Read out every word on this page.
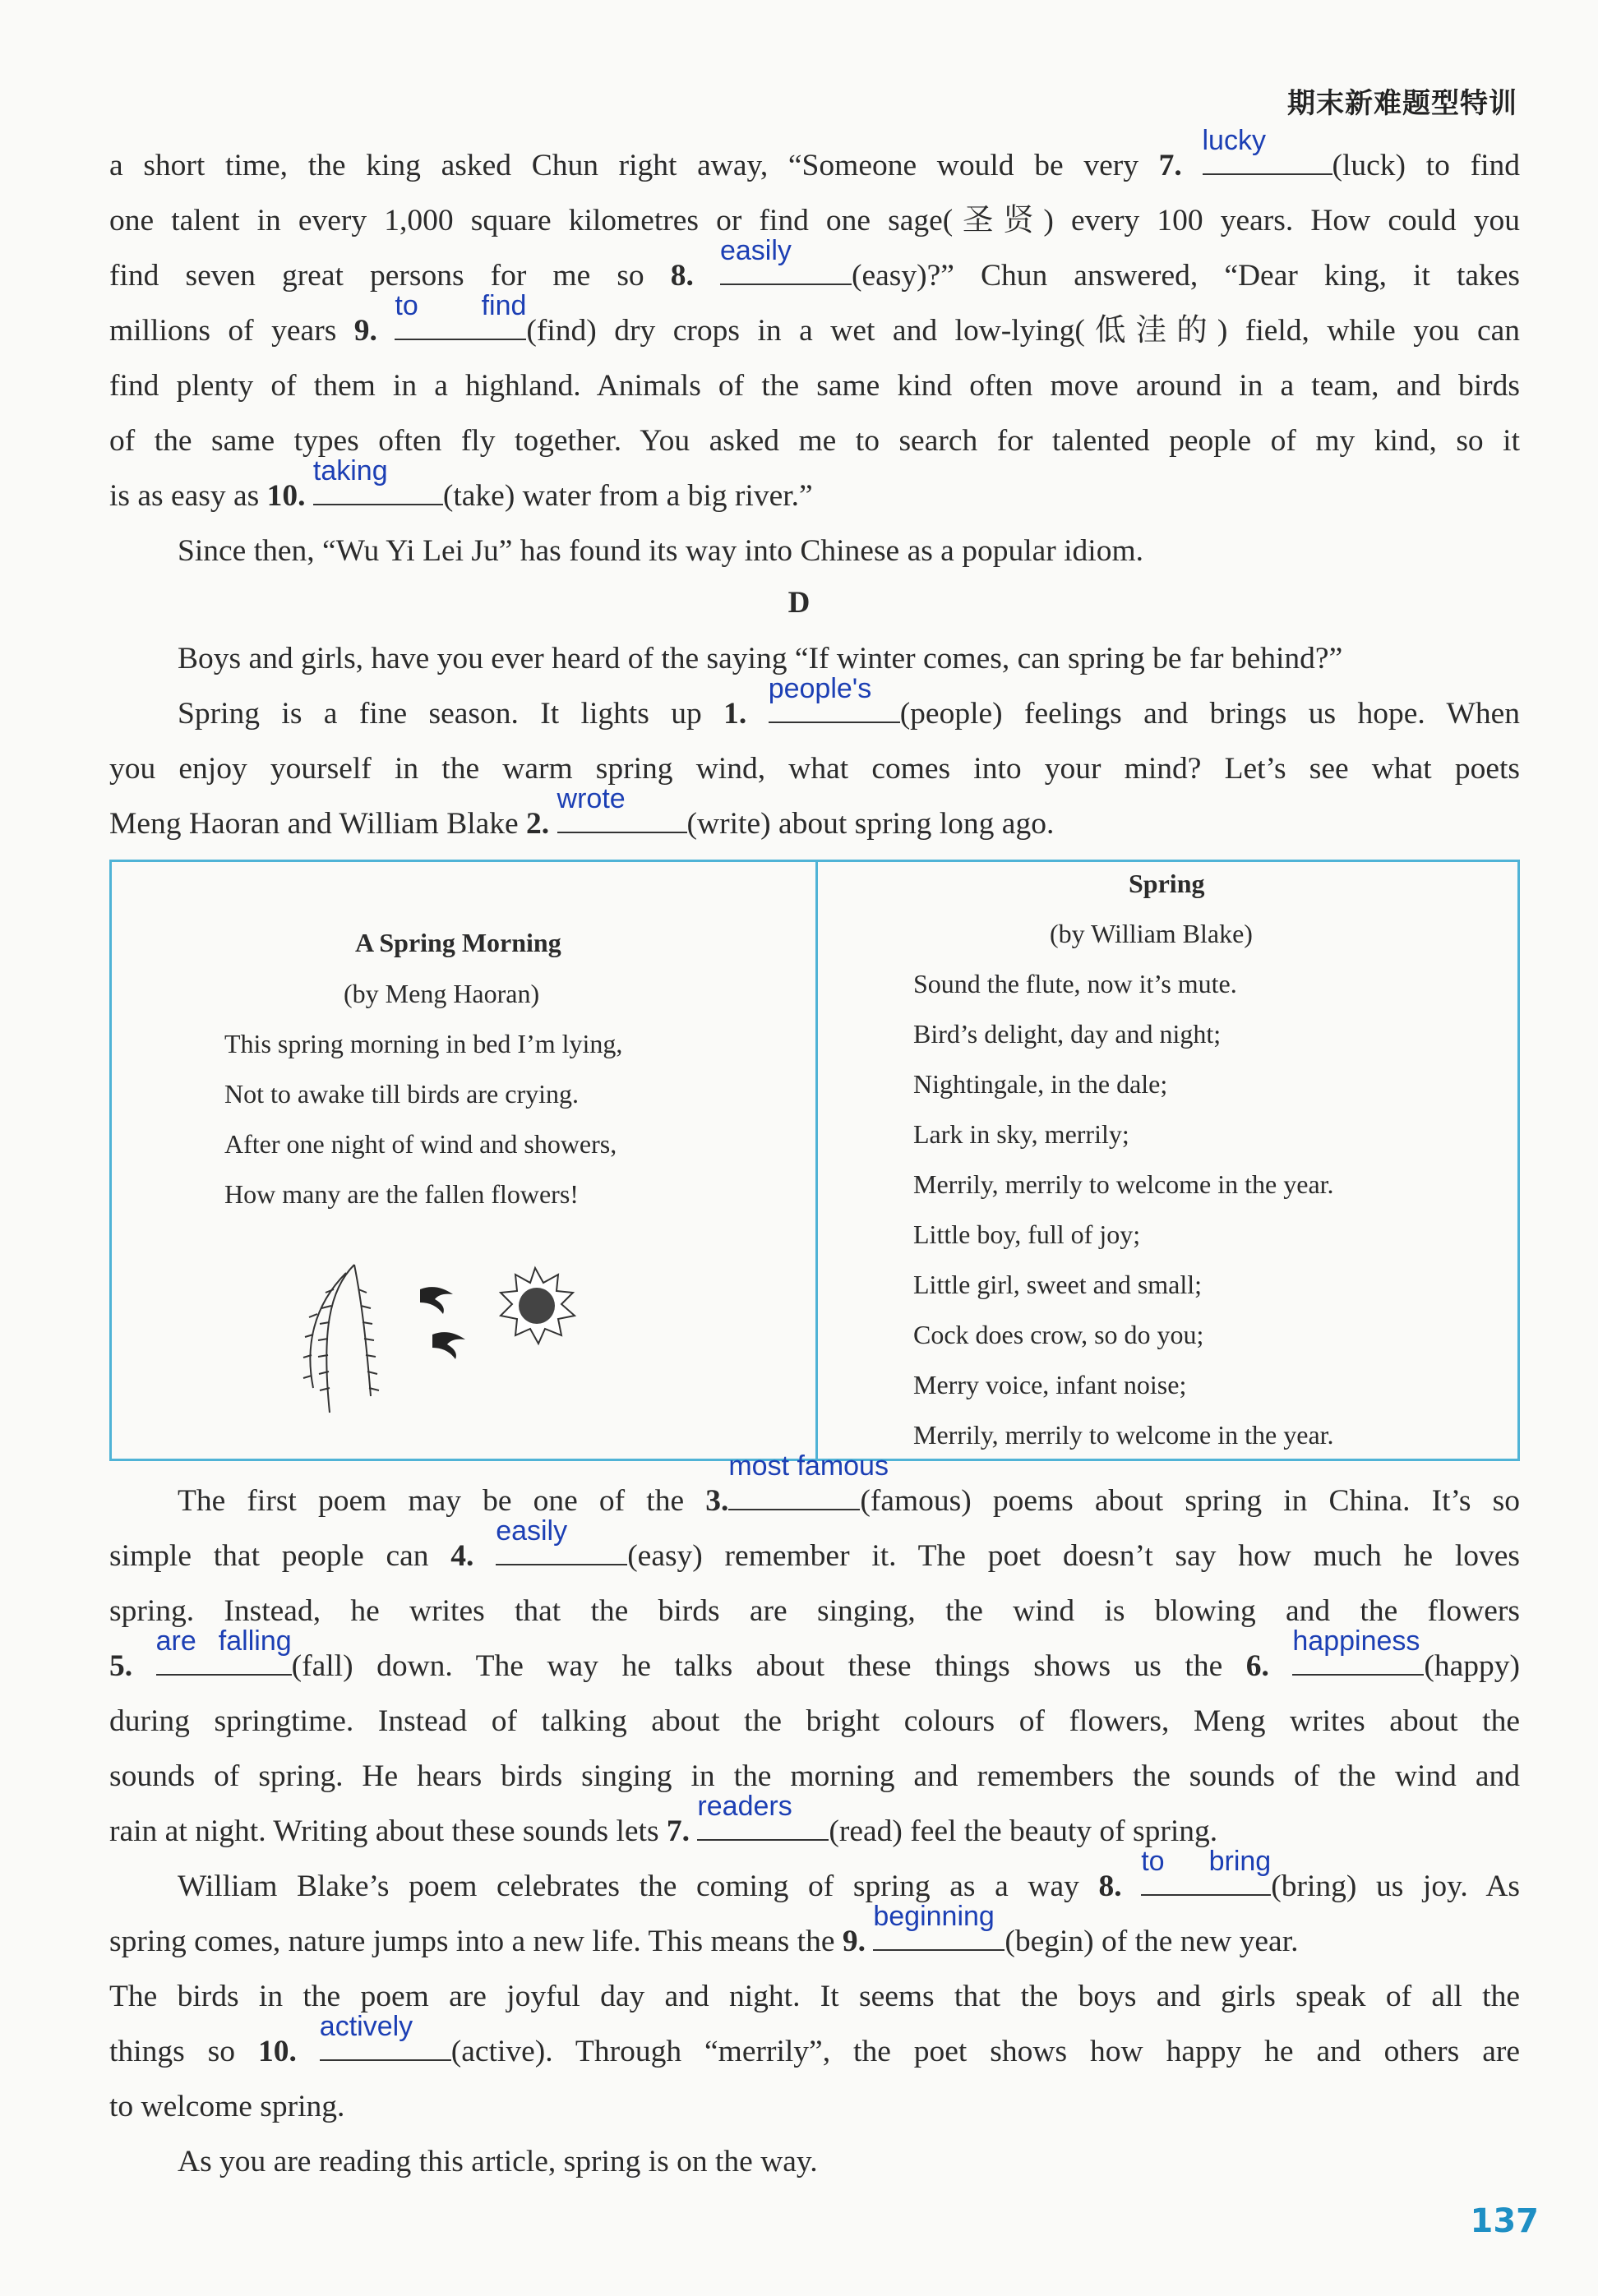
期末新难题型特训
a short time, the king asked Chun right away, “Someone would be very 7.
lucky
(luck) to find
one talent in every 1,000 square kilometres or find one sage(圣贤) every 100 years. How could you
find seven great persons for me so 8.
easily
(easy)?” Chun answered, “Dear king, it takes
millions of years 9.
to find
(find) dry crops in a wet and low-lying(低洼的) field, while you can
find plenty of them in a highland. Animals of the same kind often move around in a team, and birds
of the same types often fly together. You asked me to search for talented people of my kind, so it
is as easy as 10.
taking
(take) water from a big river.”
Since then, “Wu Yi Lei Ju” has found its way into Chinese as a popular idiom.
D
Boys and girls, have you ever heard of the saying “If winter comes, can spring be far behind?”
Spring is a fine season. It lights up 1.
people's
(people) feelings and brings us hope. When
you enjoy yourself in the warm spring wind, what comes into your mind? Let’s see what poets
Meng Haoran and William Blake 2.
wrote
(write) about spring long ago.
A Spring Morning
(by Meng Haoran)
This spring morning in bed I’m lying,
Not to awake till birds are crying.
After one night of wind and showers,
How many are the fallen flowers!
Spring
(by William Blake)
Sound the flute, now it’s mute.
Bird’s delight, day and night;
Nightingale, in the dale;
Lark in sky, merrily;
Merrily, merrily to welcome in the year.
Little boy, full of joy;
Little girl, sweet and small;
Cock does crow, so do you;
Merry voice, infant noise;
Merrily, merrily to welcome in the year.
The first poem may be one of the 3.
most famous
(famous) poems about spring in China. It’s so
simple that people can 4.
easily
(easy) remember it. The poet doesn’t say how much he loves
spring. Instead, he writes that the birds are singing, the wind is blowing and the flowers
5.
are falling
(fall) down. The way he talks about these things shows us the 6.
happiness
(happy)
during springtime. Instead of talking about the bright colours of flowers, Meng writes about the
sounds of spring. He hears birds singing in the morning and remembers the sounds of the wind and
rain at night. Writing about these sounds lets 7.
readers
(read) feel the beauty of spring.
William Blake’s poem celebrates the coming of spring as a way 8.
to bring
(bring) us joy. As
spring comes, nature jumps into a new life. This means the 9.
beginning
(begin) of the new year.
The birds in the poem are joyful day and night. It seems that the boys and girls speak of all the
things so 10.
actively
(active). Through “merrily”, the poet shows how happy he and others are
to welcome spring.
As you are reading this article, spring is on the way.
137
